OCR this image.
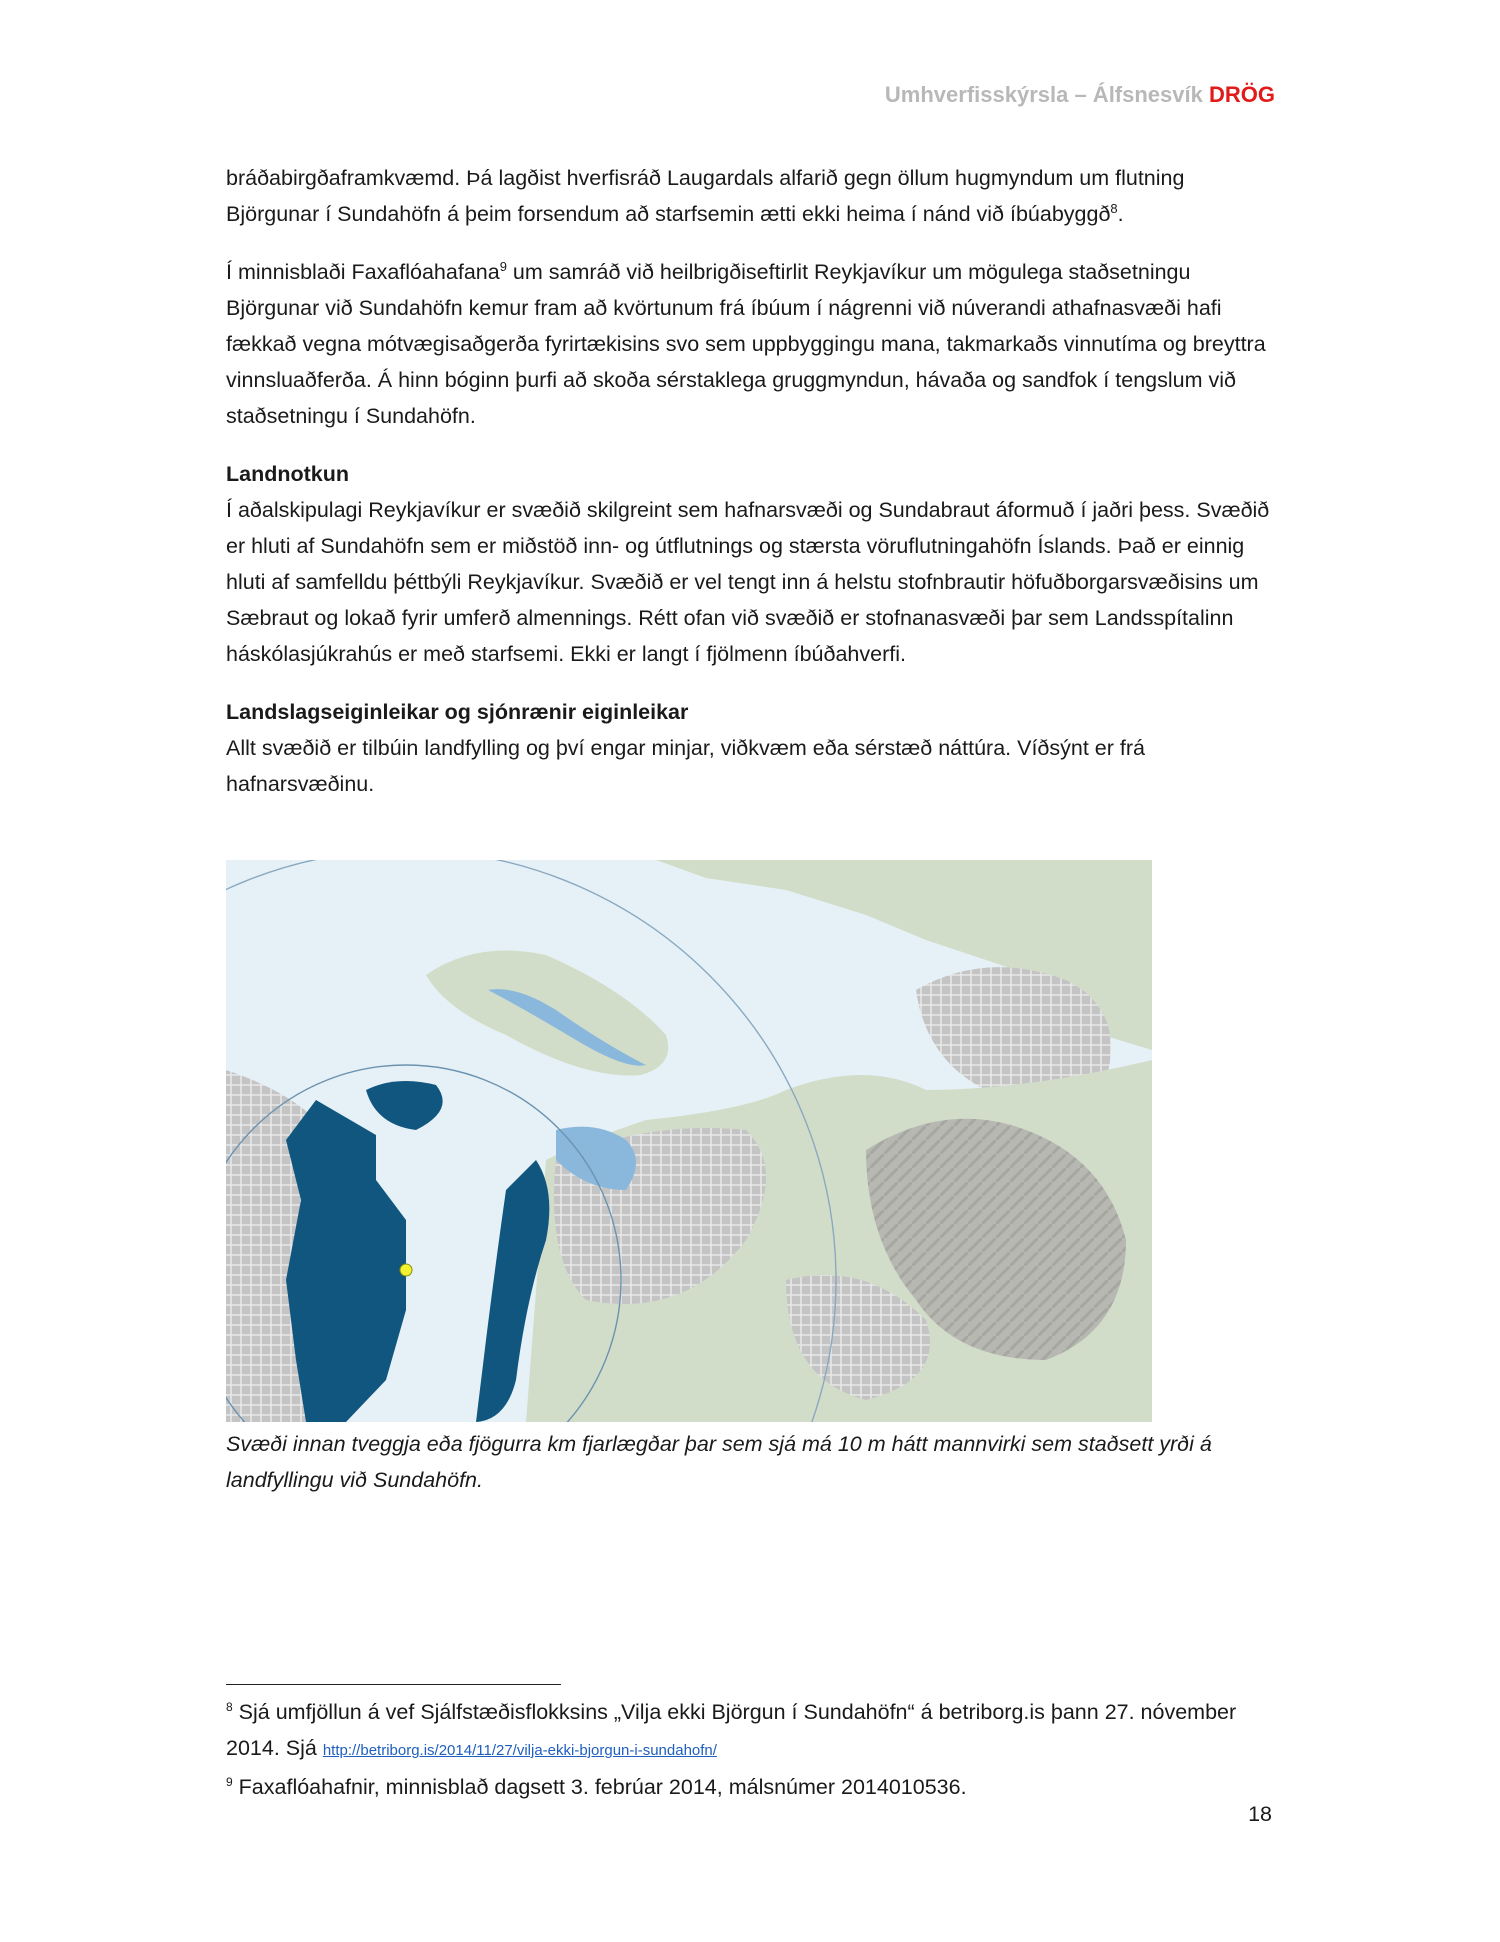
Umhverfisskýrsla – Álfsnesvík DRÖG

bráðabirgðaframkvæmd. Þá lagðist hverfisráð Laugardals alfarið gegn öllum hugmyndum um flutning Björgunar í Sundahöfn á þeim forsendum að starfsemin ætti ekki heima í nánd við íbúabyggð$^8$.

Í minnisblaði Faxaflóahafana$^9$ um samráð við heilbrigðiseftirlit Reykjavíkur um mögulega staðsetningu Björgunar við Sundahöfn kemur fram að kvörtunum frá íbúum í nágrenni við núverandi athafnasvæði hafi fækkað vegna mótvægisaðgerða fyrirtækisins svo sem uppbyggingu mana, takmarkaðs vinnutíma og breyttra vinnsluaðferða. Á hinn bóginn þurfi að skoða sérstaklega gruggmyndun, hávaða og sandfok í tengslum við staðsetningu í Sundahöfn.

Landnotkun

Í aðalskipulagi Reykjavíkur er svæðið skilgreint sem hafnarsvæði og Sundabraut áformuð í jaðri þess. Svæðið er hluti af Sundahöfn sem er miðstöð inn- og útflutnings og stærsta vöruflutningahöfn Íslands. Það er einnig hluti af samfelldu þéttbýli Reykjavíkur. Svæðið er vel tengt inn á helstu stofnbrautir höfuðborgarsvæðisins um Sæbraut og lokað fyrir umferð almennings. Rétt ofan við svæðið er stofnanasvæði þar sem Landsspítalinn háskólasjúkrahús er með starfsemi. Ekki er langt í fjölmenn íbúðahverfi.

Landslagseiginleikar og sjónrænir eiginleikar

Allt svæðið er tilbúin landfylling og því engar minjar, viðkvæm eða sérstæð náttúra. Víðsýnt er frá hafnarsvæðinu.

Svæði innan tveggja eða fjögurra km fjarlægðar þar sem sjá má 10 m hátt mannvirki sem staðsett yrði á landfyllingu við Sundahöfn.

$^8$ Sjá umfjöllun á vef Sjálfstæðisflokksins „Vilja ekki Björgun í Sundahöfn“ á betriborg.is þann 27. nóvember 2014. Sjá http://betriborg.is/2014/11/27/vilja-ekki-bjorgun-i-sundahofn/

$^9$ Faxaflóahafnir, minnisblað dagsett 3. febrúar 2014, málsnúmer 2014010536.

18
